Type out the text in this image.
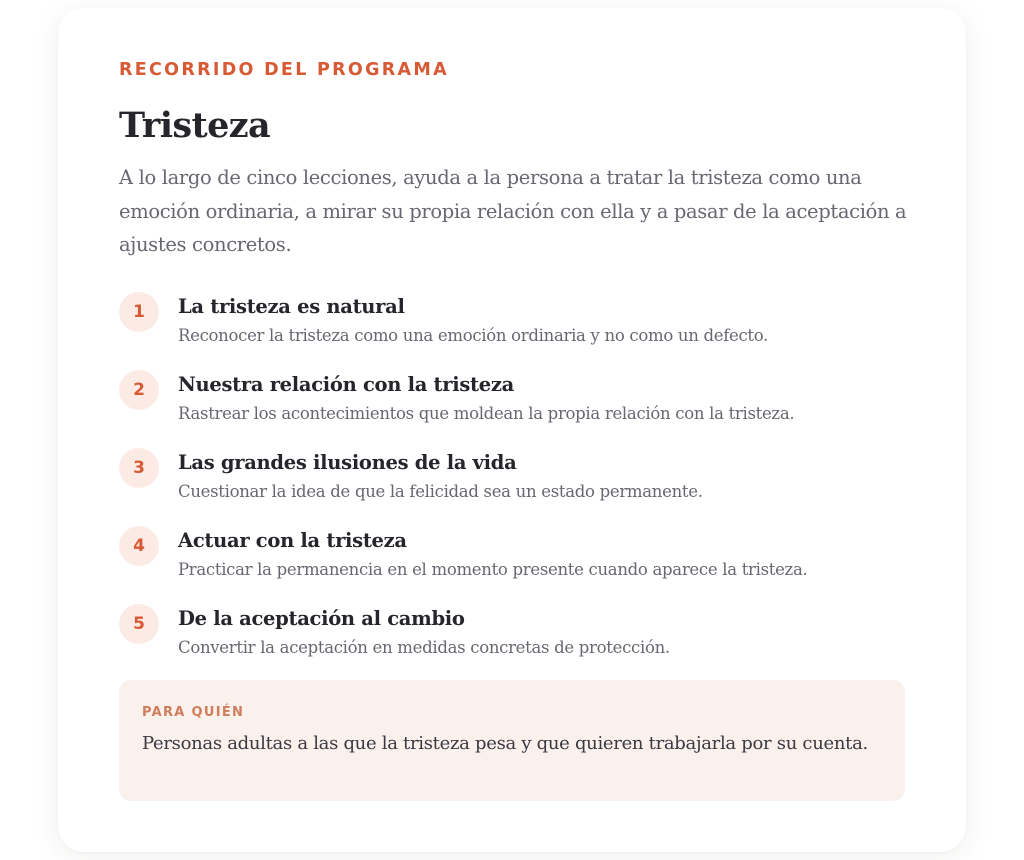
RECORRIDO DEL PROGRAMA
Tristeza

A lo largo de cinco lecciones, ayuda a la persona a tratar la tristeza como una emoción ordinaria, a mirar su propia relación con ella y a pasar de la aceptación a ajustes concretos.

1	La tristeza es natural
Reconocer la tristeza como una emoción ordinaria y no como un defecto.
2	Nuestra relación con la tristeza
Rastrear los acontecimientos que moldean la propia relación con la tristeza.
3	Las grandes ilusiones de la vida
Cuestionar la idea de que la felicidad sea un estado permanente.
4	Actuar con la tristeza
Practicar la permanencia en el momento presente cuando aparece la tristeza.
5	De la aceptación al cambio
Convertir la aceptación en medidas concretas de protección.
PARA QUIÉN

Personas adultas a las que la tristeza pesa y que quieren trabajarla por su cuenta.
